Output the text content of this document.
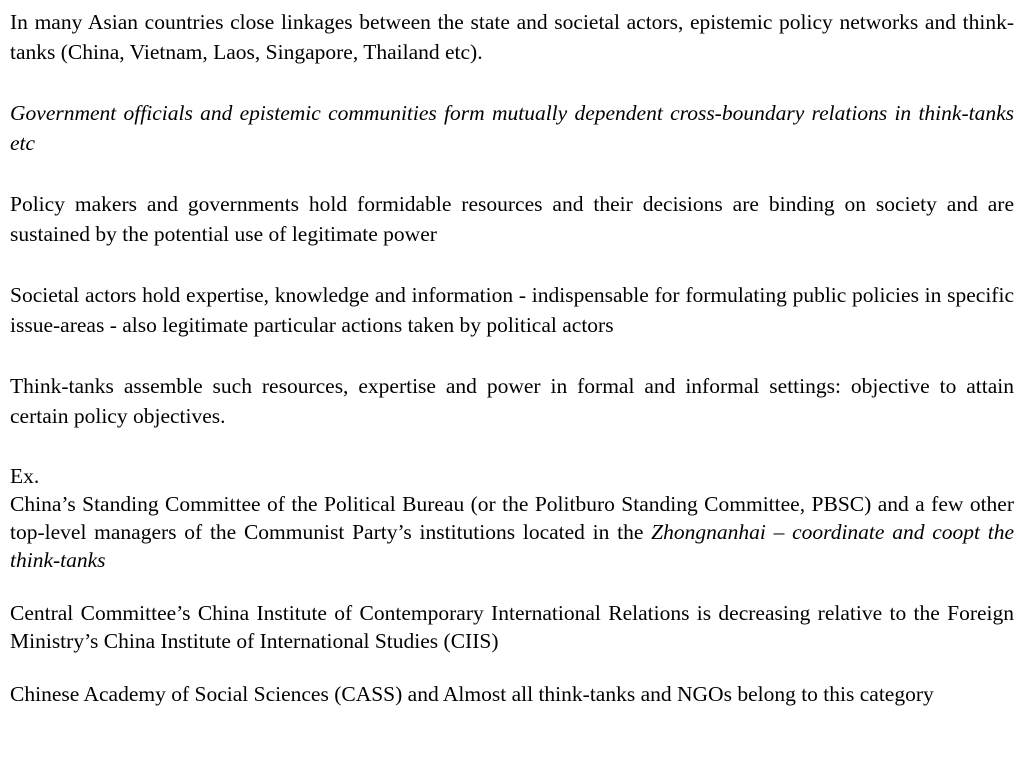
In many Asian countries close linkages between the state and societal actors, epistemic policy networks and think-tanks (China, Vietnam, Laos, Singapore, Thailand etc).

Government officials and epistemic communities form mutually dependent cross-boundary relations in think-tanks etc

Policy makers and governments hold formidable resources and their decisions are binding on society and are sustained by the potential use of legitimate power

Societal actors hold expertise, knowledge and information - indispensable for formulating public policies in specific issue-areas - also legitimate particular actions taken by political actors

Think-tanks assemble such resources, expertise and power in formal and informal settings: objective to attain certain policy objectives.

Ex.

China’s Standing Committee of the Political Bureau (or the Politburo Standing Committee, PBSC) and a few other top-level managers of the Communist Party’s institutions located in the Zhongnanhai – coordinate and coopt the think-tanks

Central Committee’s China Institute of Contemporary International Relations is decreasing relative to the Foreign Ministry’s China Institute of International Studies (CIIS)

Chinese Academy of Social Sciences (CASS) and Almost all think-tanks and NGOs belong to this category
